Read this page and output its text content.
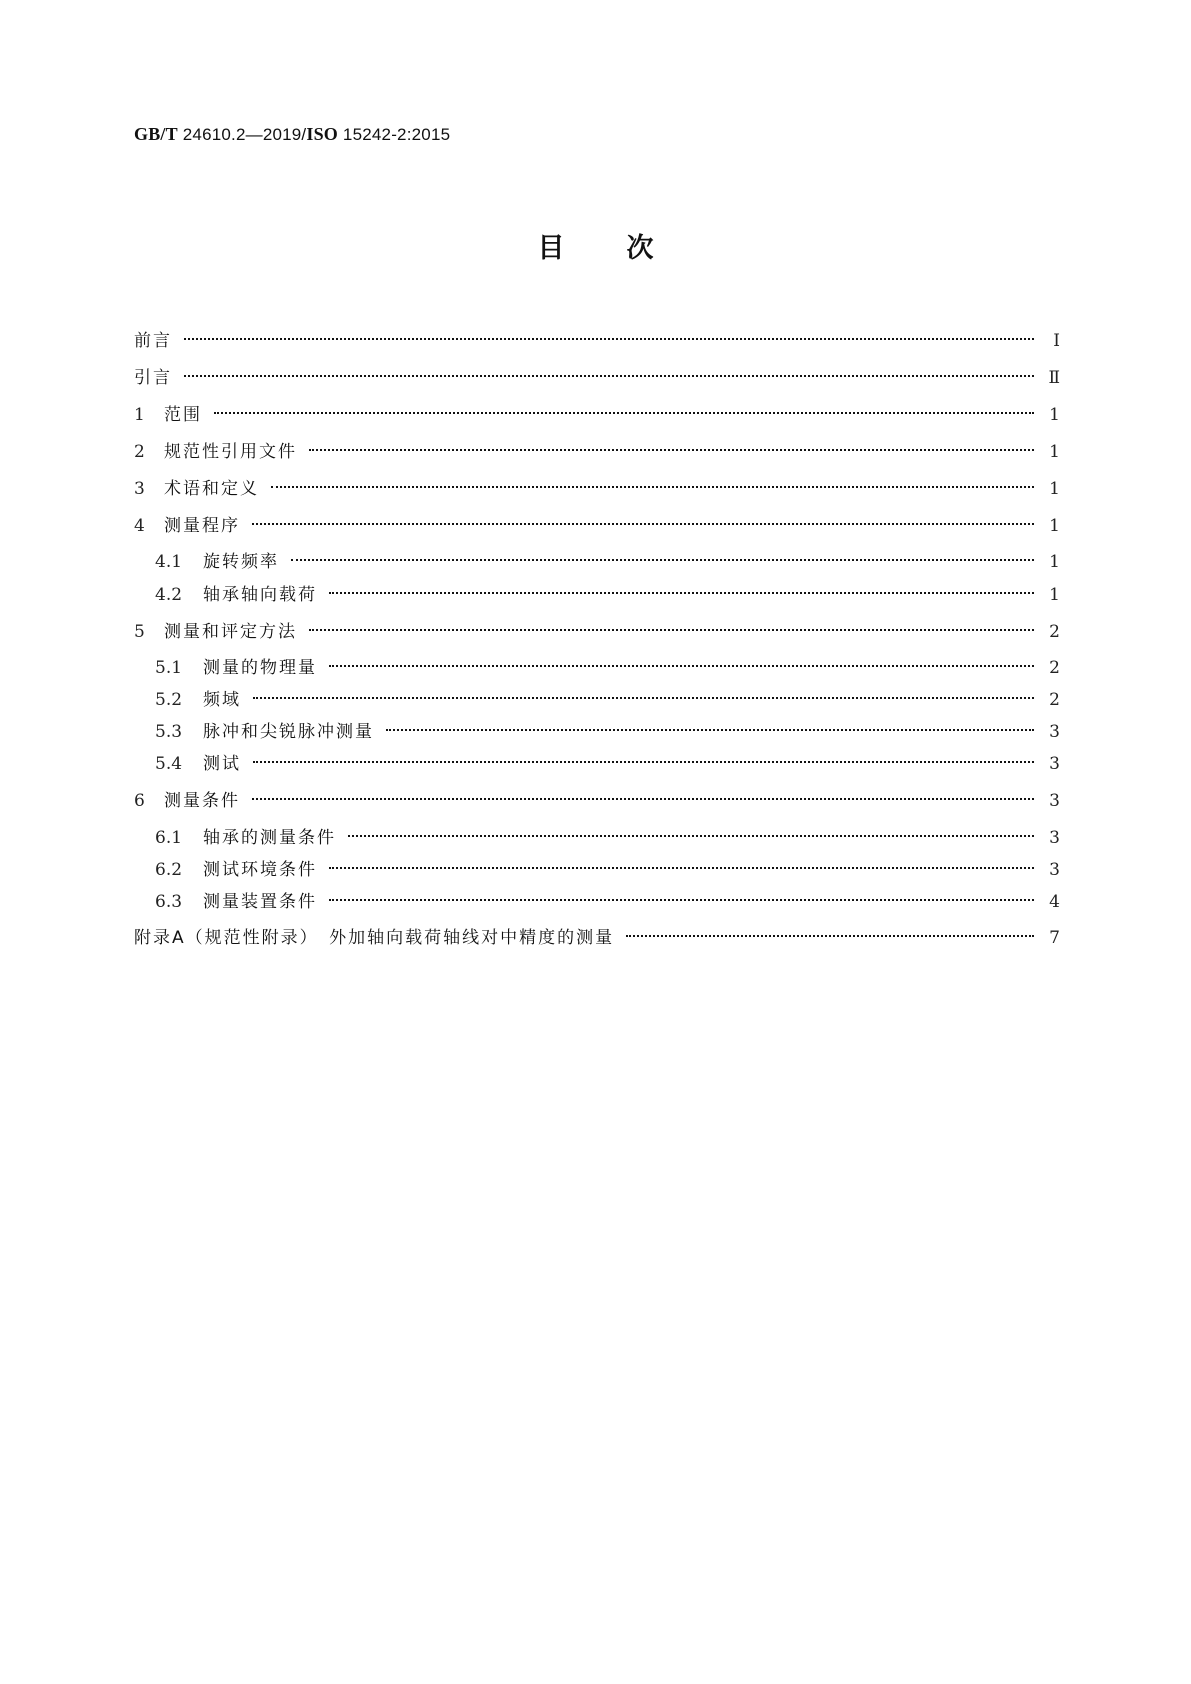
GB/T 24610.2—2019/ISO 15242-2:2015
目 次
前言	Ⅰ
引言	Ⅱ
1	范围	1
2	规范性引用文件	1
3	术语和定义	1
4	测量程序	1
4.1	旋转频率	1
4.2	轴承轴向载荷	1
5	测量和评定方法	2
5.1	测量的物理量	2
5.2	频域	2
5.3	脉冲和尖锐脉冲测量	3
5.4	测试	3
6	测量条件	3
6.1	轴承的测量条件	3
6.2	测试环境条件	3
6.3	测量装置条件	4
附录A（规范性附录）　外加轴向载荷轴线对中精度的测量	7
